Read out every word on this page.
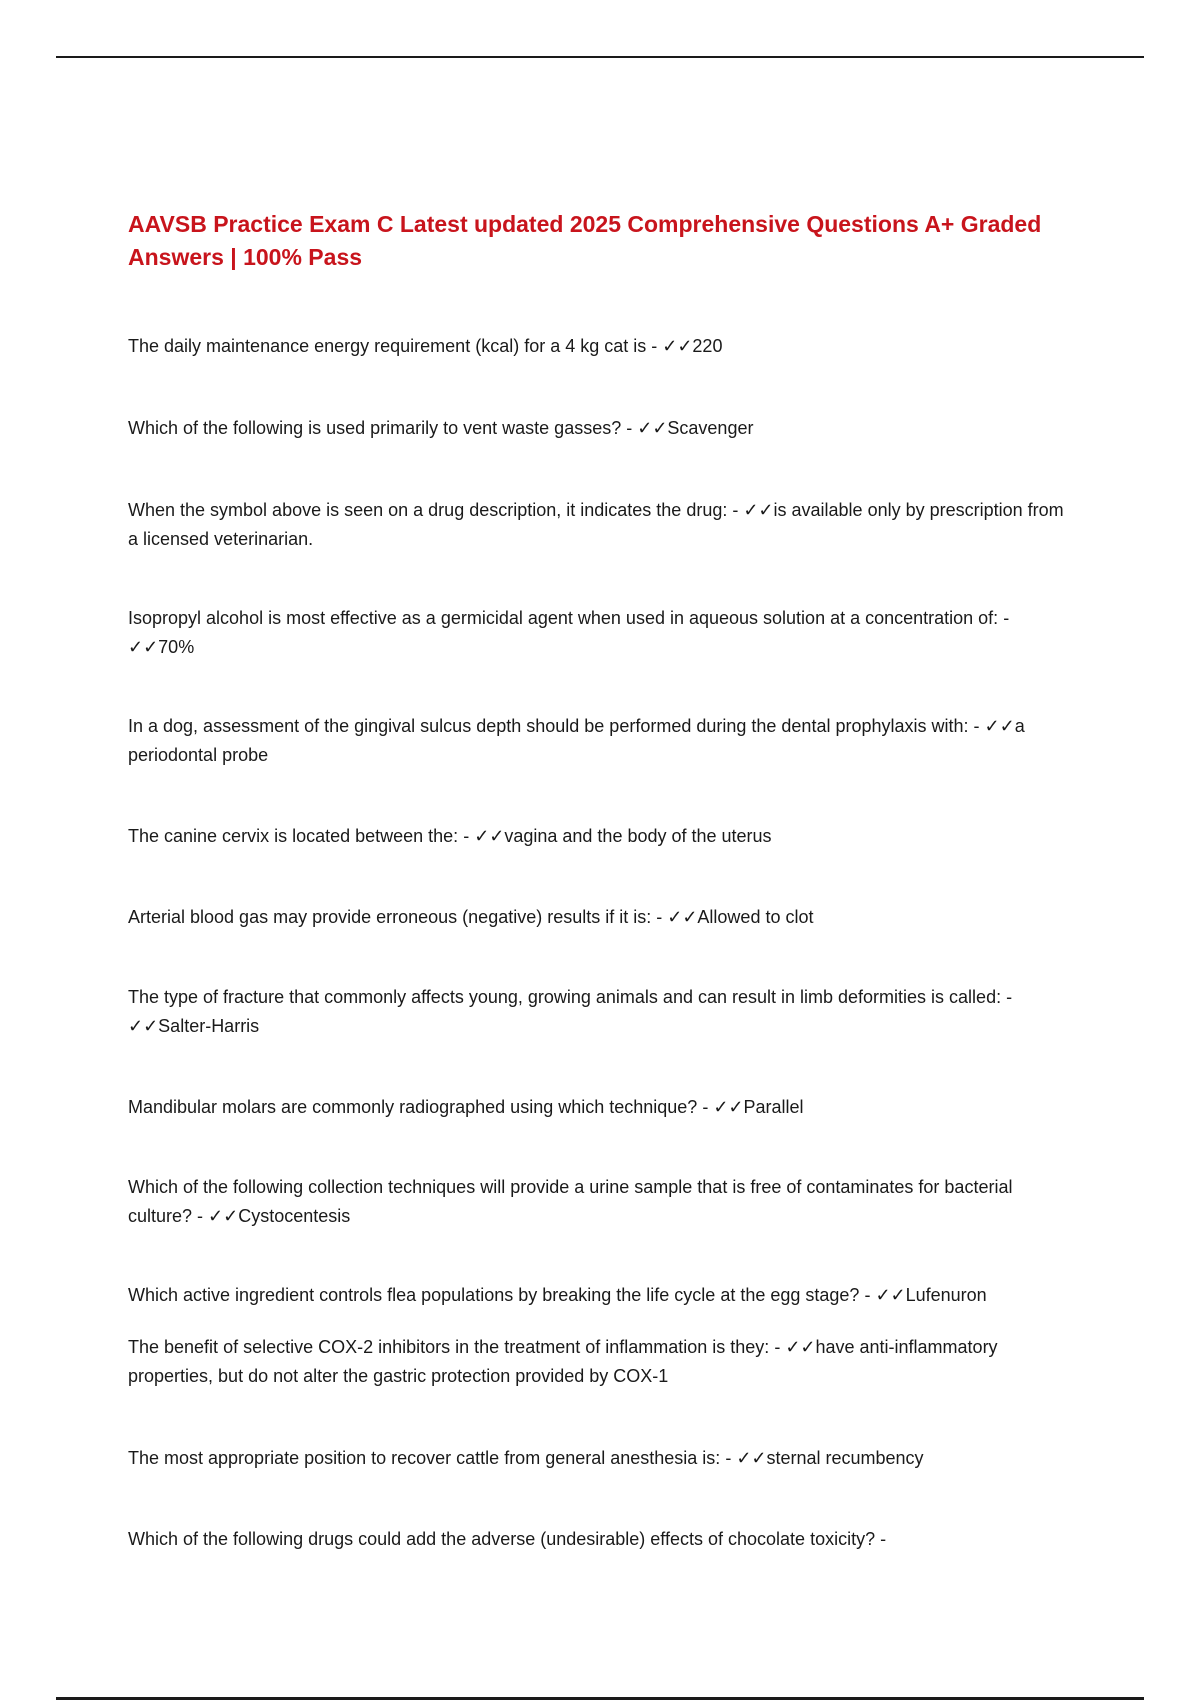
AAVSB Practice Exam C Latest updated 2025 Comprehensive Questions A+ Graded Answers | 100% Pass

The daily maintenance energy requirement (kcal) for a 4 kg cat is - ✓✓220

Which of the following is used primarily to vent waste gasses? - ✓✓Scavenger

When the symbol above is seen on a drug description, it indicates the drug: - ✓✓is available only by prescription from a licensed veterinarian.

Isopropyl alcohol is most effective as a germicidal agent when used in aqueous solution at a concentration of: - ✓✓70%

In a dog, assessment of the gingival sulcus depth should be performed during the dental prophylaxis with: - ✓✓a periodontal probe

The canine cervix is located between the: - ✓✓vagina and the body of the uterus

Arterial blood gas may provide erroneous (negative) results if it is: - ✓✓Allowed to clot

The type of fracture that commonly affects young, growing animals and can result in limb deformities is called: - ✓✓Salter-Harris

Mandibular molars are commonly radiographed using which technique? - ✓✓Parallel

Which of the following collection techniques will provide a urine sample that is free of contaminates for bacterial culture? - ✓✓Cystocentesis

Which active ingredient controls flea populations by breaking the life cycle at the egg stage? - ✓✓Lufenuron

The benefit of selective COX-2 inhibitors in the treatment of inflammation is they: - ✓✓have anti-inflammatory properties, but do not alter the gastric protection provided by COX-1

The most appropriate position to recover cattle from general anesthesia is: - ✓✓sternal recumbency

Which of the following drugs could add the adverse (undesirable) effects of chocolate toxicity? -
